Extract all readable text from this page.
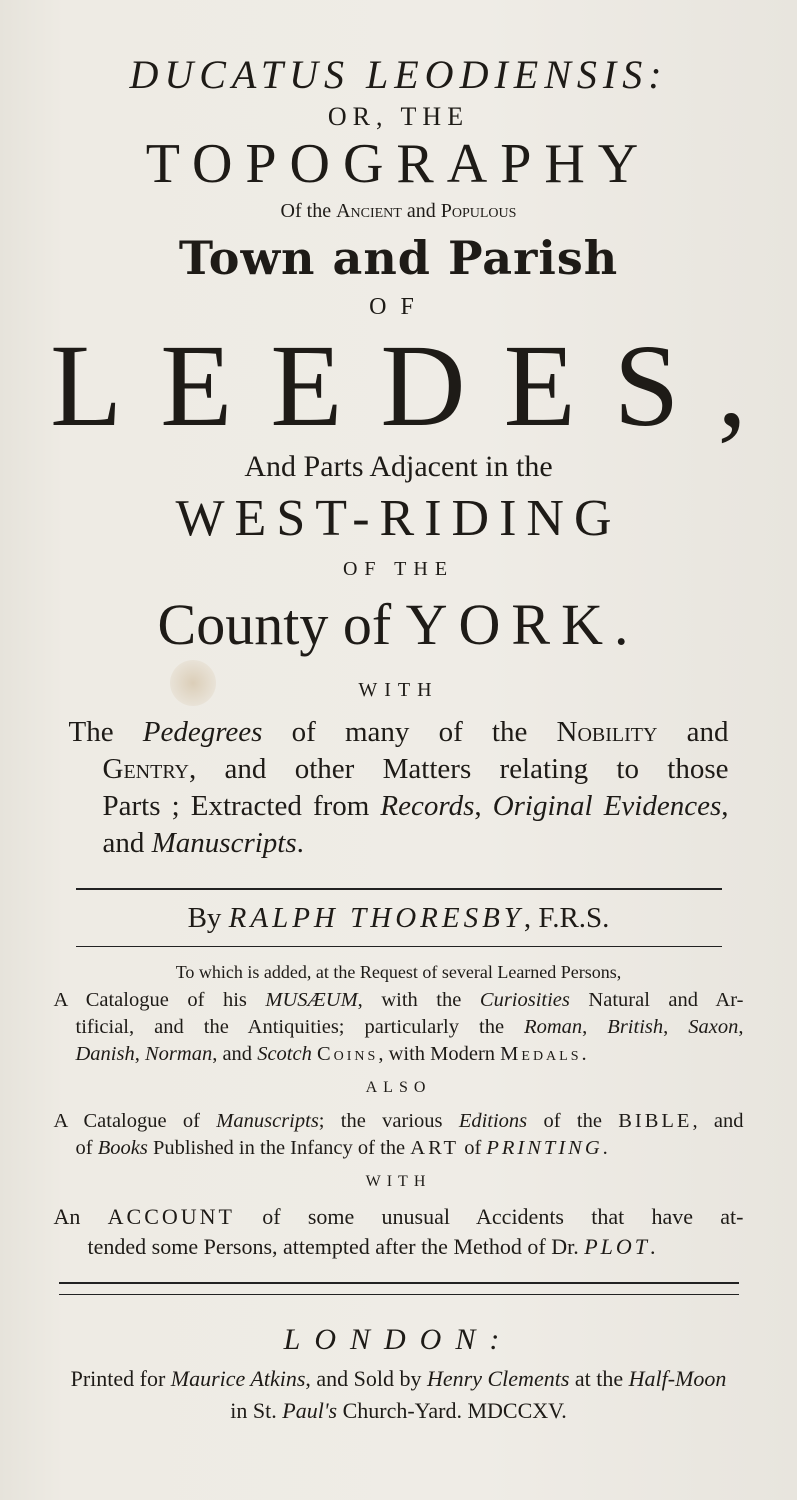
DUCATUS LEODIENSIS:
OR, THE
TOPOGRAPHY
Of the Ancient and Populous
Town and Parish
OF
LEEDES,
And Parts Adjacent in the
WEST-RIDING
OF THE
County of YORK.
WITH
The Pedegrees of many of the Nobility and
Gentry, and other Matters relating to those
Parts ; Extracted from Records, Original Evidences,
and Manuscripts.
By RALPH THORESBY, F.R.S.
To which is added, at the Request of several Learned Persons,
A Catalogue of his MUSÆUM, with the Curiosities Natural and Ar-
tificial, and the Antiquities; particularly the Roman, British, Saxon,
Danish, Norman, and Scotch Coins, with Modern Medals.
ALSO
A Catalogue of Manuscripts; the various Editions of the BIBLE, and
of Books Published in the Infancy of the ART of PRINTING.
WITH
An ACCOUNT of some unusual Accidents that have at-
tended some Persons, attempted after the Method of Dr. PLOT.
LONDON:
Printed for Maurice Atkins, and Sold by Henry Clements at the Half-Moon
in St. Paul's Church-Yard. MDCCXV.
